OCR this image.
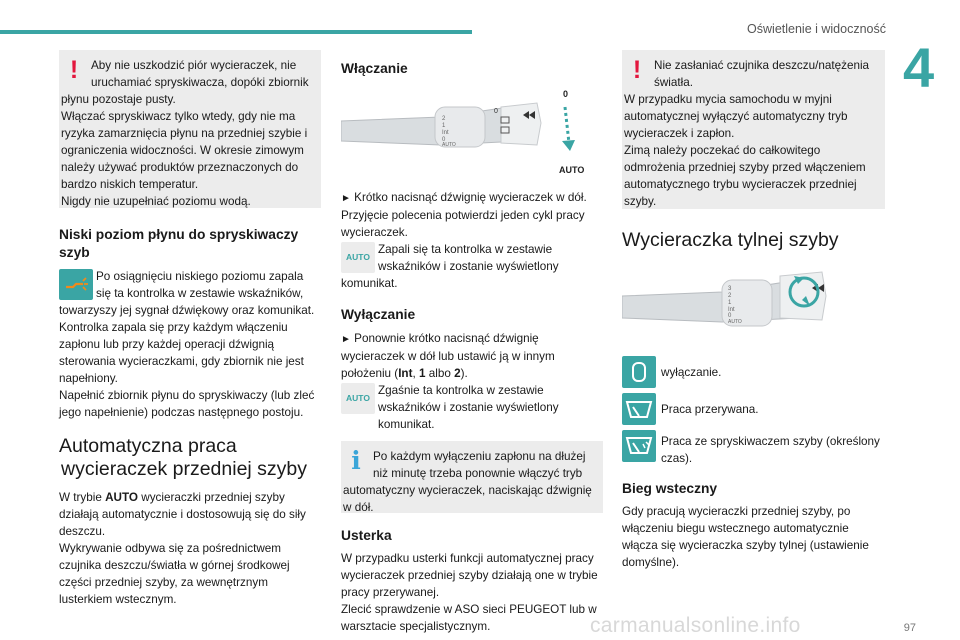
Oświetlenie i widoczność
4
!	Aby nie uszkodzić piór wycieraczek, nie

uruchamiać spryskiwacza, dopóki zbiornik

płynu pozostaje pusty.

Włączać spryskiwacz tylko wtedy, gdy nie ma ryzyka zamarznięcia płynu na przedniej szybie i ograniczenia widoczności. W okresie zimowym należy używać produktów przeznaczonych do bardzo niskich temperatur.

Nigdy nie uzupełniać poziomu wodą.

Niski poziom płynu do spryskiwaczy szyb

Po osiągnięciu niskiego poziomu zapala się ta kontrolka w zestawie wskaźników,

towarzyszy jej sygnał dźwiękowy oraz komunikat.

Kontrolka zapala się przy każdym włączeniu zapłonu lub przy każdej operacji dźwignią sterowania wycieraczkami, gdy zbiornik nie jest napełniony.

Napełnić zbiornik płynu do spryskiwaczy (lub zleć jego napełnienie) podczas następnego postoju.

Automatyczna praca
wycieraczek przedniej szyby

W trybie AUTO wycieraczki przedniej szyby działają automatycznie i dostosowują się do siły deszczu.

Wykrywanie odbywa się za pośrednictwem czujnika deszczu/światła w górnej środkowej części przedniej szyby, za wewnętrznym lusterkiem wstecznym.

Włączanie
2
1
Int
0
AUTO
0
0
AUTO

► Krótko nacisnąć dźwignię wycieraczek w dół.

Przyjęcie polecenia potwierdzi jeden cykl pracy wycieraczek.

AUTO

Zapali się ta kontrolka w zestawie wskaźników i zostanie wyświetlony

komunikat.

Wyłączanie

► Ponownie krótko nacisnąć dźwignię wycieraczek w dół lub ustawić ją w innym położeniu (Int, 1 albo 2).

AUTO

Zgaśnie ta kontrolka w zestawie wskaźników i zostanie wyświetlony komunikat.

i	Po każdym wyłączeniu zapłonu na dłużej

niż minutę trzeba ponownie włączyć tryb

automatyczny wycieraczek, naciskając dźwignię w dół.

Usterka

W przypadku usterki funkcji automatycznej pracy wycieraczek przedniej szyby działają one w trybie pracy przerywanej.

Zlecić sprawdzenie w ASO sieci PEUGEOT lub w warsztacie specjalistycznym.

!	Nie zasłaniać czujnika deszczu/natężenia

światła.

W przypadku mycia samochodu w myjni automatycznej wyłączyć automatyczny tryb wycieraczek i zapłon.

Zimą należy poczekać do całkowitego odmrożenia przedniej szyby przed włączeniem automatycznego trybu wycieraczek przedniej szyby.

Wycieraczka tylnej szyby
3
2
1
Int
0
AUTO
wyłączanie.
Praca przerywana.
Praca ze spryskiwaczem szyby (określony czas).
Bieg wsteczny

Gdy pracują wycieraczki przedniej szyby, po włączeniu biegu wstecznego automatycznie włącza się wycieraczka szyby tylnej (ustawienie domyślne).

carmanualsonline.info	97
